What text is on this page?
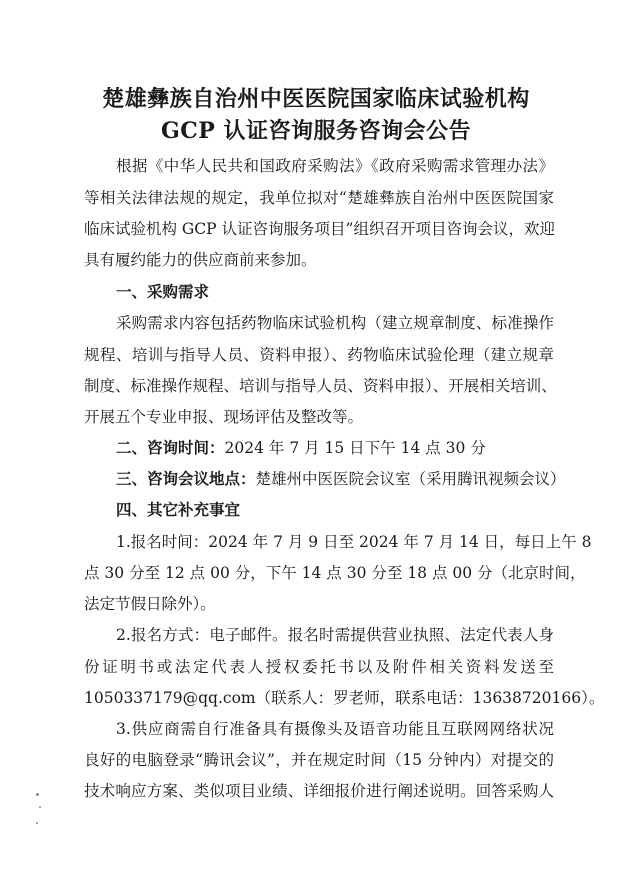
楚雄彝族自治州中医医院国家临床试验机构
GCP 认证咨询服务咨询会公告
根据《中华人民共和国政府采购法》《政府采购需求管理办法》
等相关法律法规的规定，我单位拟对“楚雄彝族自治州中医医院国家
临床试验机构 GCP 认证咨询服务项目”组织召开项目咨询会议，欢迎
具有履约能力的供应商前来参加。
一、采购需求
采购需求内容包括药物临床试验机构（建立规章制度、标准操作
规程、培训与指导人员、资料申报）、药物临床试验伦理（建立规章
制度、标准操作规程、培训与指导人员、资料申报）、开展相关培训、
开展五个专业申报、现场评估及整改等。
二、咨询时间：2024 年 7 月 15 日下午 14 点 30 分
三、咨询会议地点：楚雄州中医医院会议室（采用腾讯视频会议）
四、其它补充事宜
1.报名时间：2024 年 7 月 9 日至 2024 年 7 月 14 日，每日上午 8
点 30 分至 12 点 00 分，下午 14 点 30 分至 18 点 00 分（北京时间，
法定节假日除外）。
2.报名方式：电子邮件。报名时需提供营业执照、法定代表人身
份证明书或法定代表人授权委托书以及附件相关资料发送至
1050337179@qq.com（联系人：罗老师，联系电话：13638720166）。
3.供应商需自行准备具有摄像头及语音功能且互联网网络状况
良好的电脑登录“腾讯会议”，并在规定时间（15 分钟内）对提交的
技术响应方案、类似项目业绩、详细报价进行阐述说明。回答采购人
